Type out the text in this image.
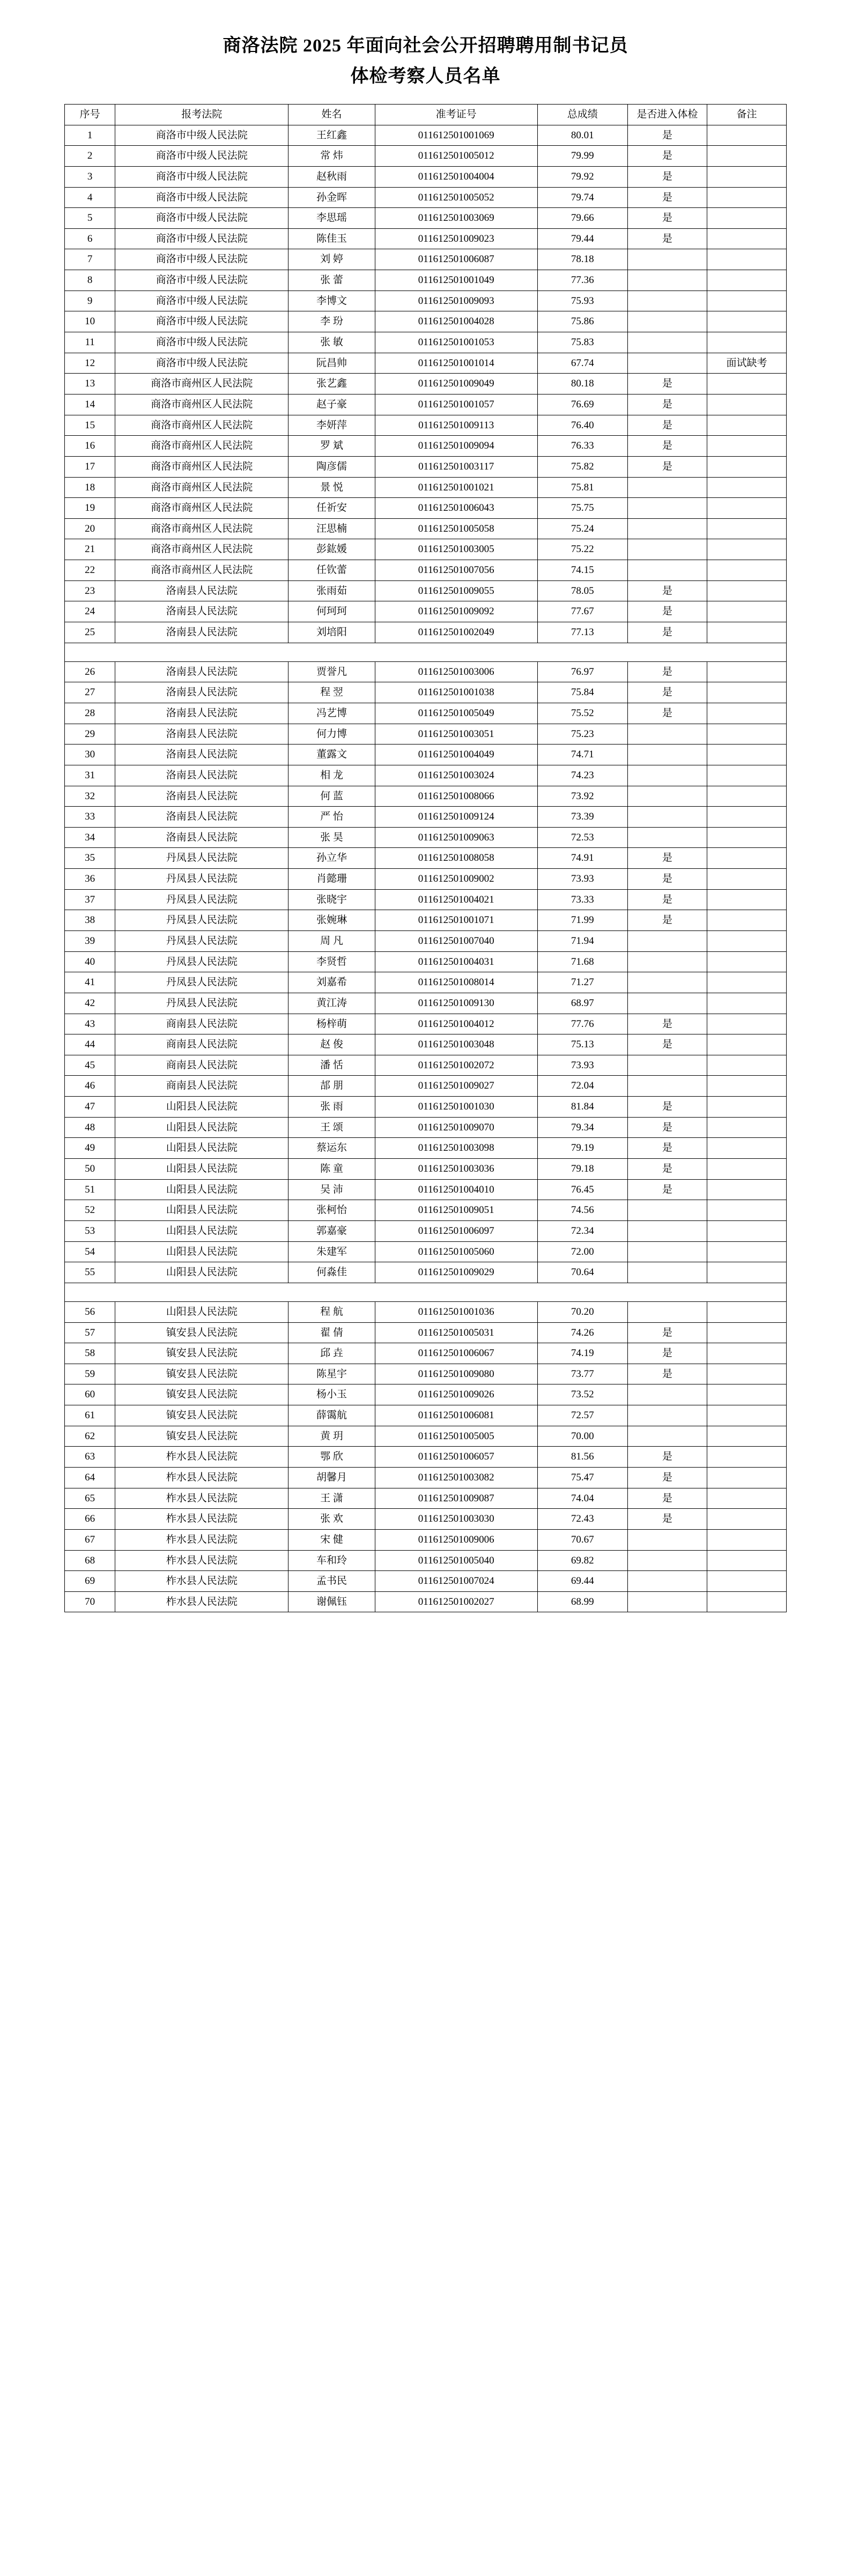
商洛法院 2025 年面向社会公开招聘聘用制书记员
体检考察人员名单
序号	报考法院	姓名	准考证号	总成绩	是否进入体检	备注
1	商洛市中级人民法院	王红鑫	011612501001069	80.01	是	
2	商洛市中级人民法院	常 炜	011612501005012	79.99	是	
3	商洛市中级人民法院	赵秋雨	011612501004004	79.92	是	
4	商洛市中级人民法院	孙金晖	011612501005052	79.74	是	
5	商洛市中级人民法院	李思瑶	011612501003069	79.66	是	
6	商洛市中级人民法院	陈佳玉	011612501009023	79.44	是	
7	商洛市中级人民法院	刘 婷	011612501006087	78.18		
8	商洛市中级人民法院	张 蕾	011612501001049	77.36		
9	商洛市中级人民法院	李博文	011612501009093	75.93		
10	商洛市中级人民法院	李 玢	011612501004028	75.86		
11	商洛市中级人民法院	张 敏	011612501001053	75.83		
12	商洛市中级人民法院	阮昌帅	011612501001014	67.74		面试缺考
13	商洛市商州区人民法院	张艺鑫	011612501009049	80.18	是	
14	商洛市商州区人民法院	赵子豪	011612501001057	76.69	是	
15	商洛市商州区人民法院	李妍萍	011612501009113	76.40	是	
16	商洛市商州区人民法院	罗 斌	011612501009094	76.33	是	
17	商洛市商州区人民法院	陶彦儒	011612501003117	75.82	是	
18	商洛市商州区人民法院	景 悦	011612501001021	75.81		
19	商洛市商州区人民法院	任祈安	011612501006043	75.75		
20	商洛市商州区人民法院	汪思楠	011612501005058	75.24		
21	商洛市商州区人民法院	彭鈜媛	011612501003005	75.22		
22	商洛市商州区人民法院	任钦蕾	011612501007056	74.15		
23	洛南县人民法院	张雨茹	011612501009055	78.05	是	
24	洛南县人民法院	何珂珂	011612501009092	77.67	是	
25	洛南县人民法院	刘培阳	011612501002049	77.13	是	

26	洛南县人民法院	贾誉凡	011612501003006	76.97	是	
27	洛南县人民法院	程 翌	011612501001038	75.84	是	
28	洛南县人民法院	冯艺博	011612501005049	75.52	是	
29	洛南县人民法院	何力博	011612501003051	75.23		
30	洛南县人民法院	董露文	011612501004049	74.71		
31	洛南县人民法院	相 龙	011612501003024	74.23		
32	洛南县人民法院	何 蓝	011612501008066	73.92		
33	洛南县人民法院	严 怡	011612501009124	73.39		
34	洛南县人民法院	张 昊	011612501009063	72.53		
35	丹凤县人民法院	孙立华	011612501008058	74.91	是	
36	丹凤县人民法院	肖懿珊	011612501009002	73.93	是	
37	丹凤县人民法院	张晓宇	011612501004021	73.33	是	
38	丹凤县人民法院	张婉琳	011612501001071	71.99	是	
39	丹凤县人民法院	周 凡	011612501007040	71.94		
40	丹凤县人民法院	李贤哲	011612501004031	71.68		
41	丹凤县人民法院	刘嘉希	011612501008014	71.27		
42	丹凤县人民法院	黄江涛	011612501009130	68.97		
43	商南县人民法院	杨梓萌	011612501004012	77.76	是	
44	商南县人民法院	赵 俊	011612501003048	75.13	是	
45	商南县人民法院	潘 恬	011612501002072	73.93		
46	商南县人民法院	郆 朋	011612501009027	72.04		
47	山阳县人民法院	张 雨	011612501001030	81.84	是	
48	山阳县人民法院	王 颂	011612501009070	79.34	是	
49	山阳县人民法院	蔡运东	011612501003098	79.19	是	
50	山阳县人民法院	陈 童	011612501003036	79.18	是	
51	山阳县人民法院	吴 沛	011612501004010	76.45	是	
52	山阳县人民法院	张柯怡	011612501009051	74.56		
53	山阳县人民法院	郭嘉豪	011612501006097	72.34		
54	山阳县人民法院	朱建军	011612501005060	72.00		
55	山阳县人民法院	何淼佳	011612501009029	70.64		

56	山阳县人民法院	程 航	011612501001036	70.20		
57	镇安县人民法院	翟 倩	011612501005031	74.26	是	
58	镇安县人民法院	邱 垚	011612501006067	74.19	是	
59	镇安县人民法院	陈星宇	011612501009080	73.77	是	
60	镇安县人民法院	杨小玉	011612501009026	73.52		
61	镇安县人民法院	薛霭航	011612501006081	72.57		
62	镇安县人民法院	黄 玥	011612501005005	70.00		
63	柞水县人民法院	鄂 欣	011612501006057	81.56	是	
64	柞水县人民法院	胡馨月	011612501003082	75.47	是	
65	柞水县人民法院	王 潇	011612501009087	74.04	是	
66	柞水县人民法院	张 欢	011612501003030	72.43	是	
67	柞水县人民法院	宋 健	011612501009006	70.67		
68	柞水县人民法院	车和玲	011612501005040	69.82		
69	柞水县人民法院	孟书民	011612501007024	69.44		
70	柞水县人民法院	谢佩钰	011612501002027	68.99		
